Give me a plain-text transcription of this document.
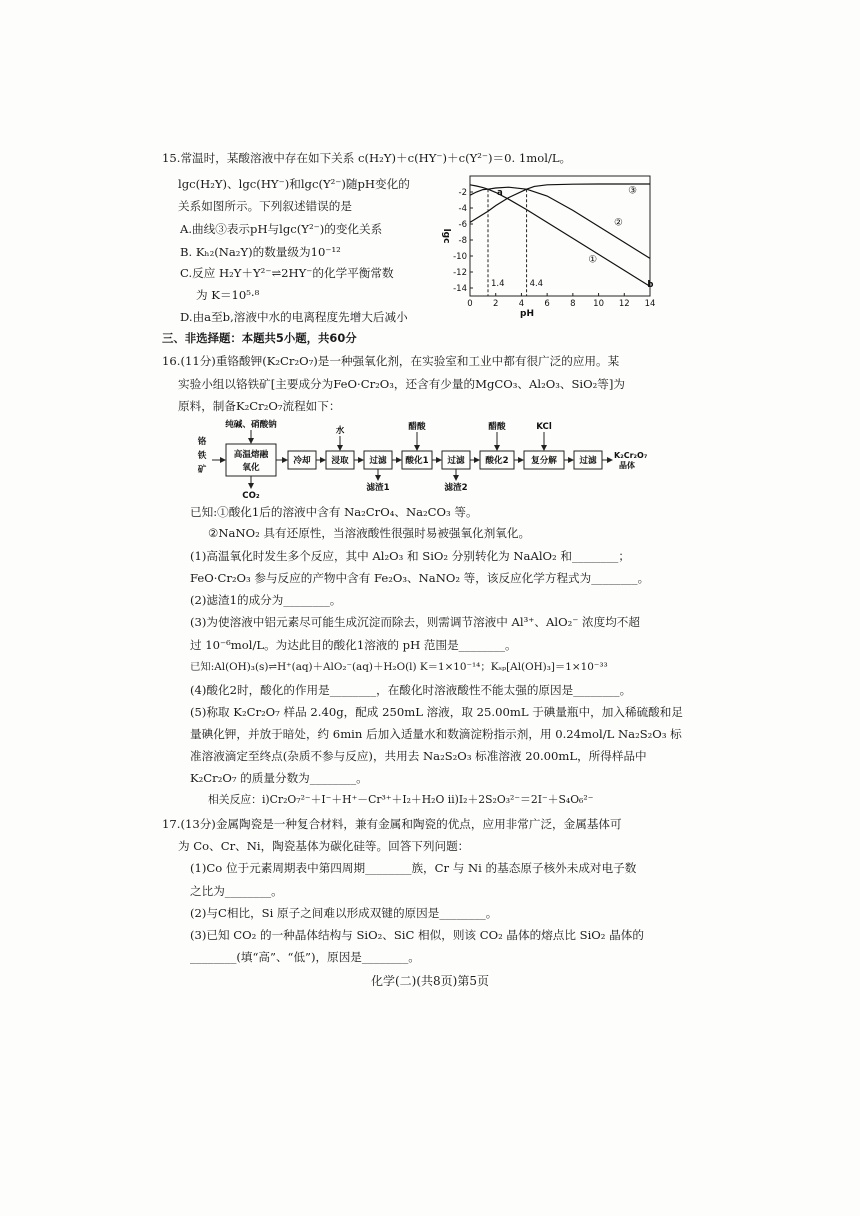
15.常温时，某酸溶液中存在如下关系 c(H₂Y)＋c(HY⁻)＋c(Y²⁻)＝0. 1mol/L。
lgc(H₂Y)、lgc(HY⁻)和lgc(Y²⁻)随pH变化的
关系如图所示。下列叙述错误的是
A.曲线③表示pH与lgc(Y²⁻)的变化关系
B. Kₕ₂(Na₂Y)的数量级为10⁻¹²
C.反应 H₂Y＋Y²⁻⇌2HY⁻的化学平衡常数
为 K＝10⁵·⁸
D.由a至b,溶液中水的电离程度先增大后减小
0 2 4 6 8 10 12 14
-2
-4
-6
-8
-10
-12
-14
pH
lgc
①
②
③
1.4	4.4
a
b
三、非选择题：本题共5小题，共60分
16.(11分)重铬酸钾(K₂Cr₂O₇)是一种强氧化剂，在实验室和工业中都有很广泛的应用。某
实验小组以铬铁矿[主要成分为FeO·Cr₂O₃，还含有少量的MgCO₃、Al₂O₃、SiO₂等]为
原料，制备K₂Cr₂O₇流程如下：
纯碱、硝酸钠
铬
铁
矿
高温熔融
氧化
CO₂
冷却
水
浸取 过滤
滤渣1
醋酸
酸化1 过滤
滤渣2
醋酸
酸化2
KCl
复分解	过滤
K₂Cr₂O₇
晶体
已知:①酸化1后的溶液中含有 Na₂CrO₄、Na₂CO₃ 等。
②NaNO₂ 具有还原性，当溶液酸性很强时易被强氧化剂氧化。
(1)高温氧化时发生多个反应，其中 Al₂O₃ 和 SiO₂ 分别转化为 NaAlO₂ 和________；
FeO·Cr₂O₃ 参与反应的产物中含有 Fe₂O₃、NaNO₂ 等，该反应化学方程式为________。
(2)滤渣1的成分为________。
(3)为使溶液中铝元素尽可能生成沉淀而除去，则需调节溶液中 Al³⁺、AlO₂⁻ 浓度均不超
过 10⁻⁶mol/L。为达此目的酸化1溶液的 pH 范围是________。
已知:Al(OH)₃(s)⇌H⁺(aq)＋AlO₂⁻(aq)＋H₂O(l) K＝1×10⁻¹⁴；Kₛₚ[Al(OH)₃]＝1×10⁻³³
(4)酸化2时，酸化的作用是________，在酸化时溶液酸性不能太强的原因是________。
(5)称取 K₂Cr₂O₇ 样品 2.40g，配成 250mL 溶液，取 25.00mL 于碘量瓶中，加入稀硫酸和足
量碘化钾，并放于暗处，约 6min 后加入适量水和数滴淀粉指示剂，用 0.24mol/L Na₂S₂O₃ 标
准溶液滴定至终点(杂质不参与反应)，共用去 Na₂S₂O₃ 标准溶液 20.00mL，所得样品中
K₂Cr₂O₇ 的质量分数为________。
相关反应：ⅰ)Cr₂O₇²⁻＋I⁻＋H⁺－Cr³⁺＋I₂＋H₂O ⅱ)I₂＋2S₂O₃²⁻＝2I⁻＋S₄O₆²⁻
17.(13分)金属陶瓷是一种复合材料，兼有金属和陶瓷的优点，应用非常广泛，金属基体可
为 Co、Cr、Ni，陶瓷基体为碳化硅等。回答下列问题：
(1)Co 位于元素周期表中第四周期________族，Cr 与 Ni 的基态原子核外未成对电子数
之比为________。
(2)与C相比，Si 原子之间难以形成双键的原因是________。
(3)已知 CO₂ 的一种晶体结构与 SiO₂、SiC 相似，则该 CO₂ 晶体的熔点比 SiO₂ 晶体的
________(填“高”、“低”)，原因是________。
化学(二)(共8页)第5页
